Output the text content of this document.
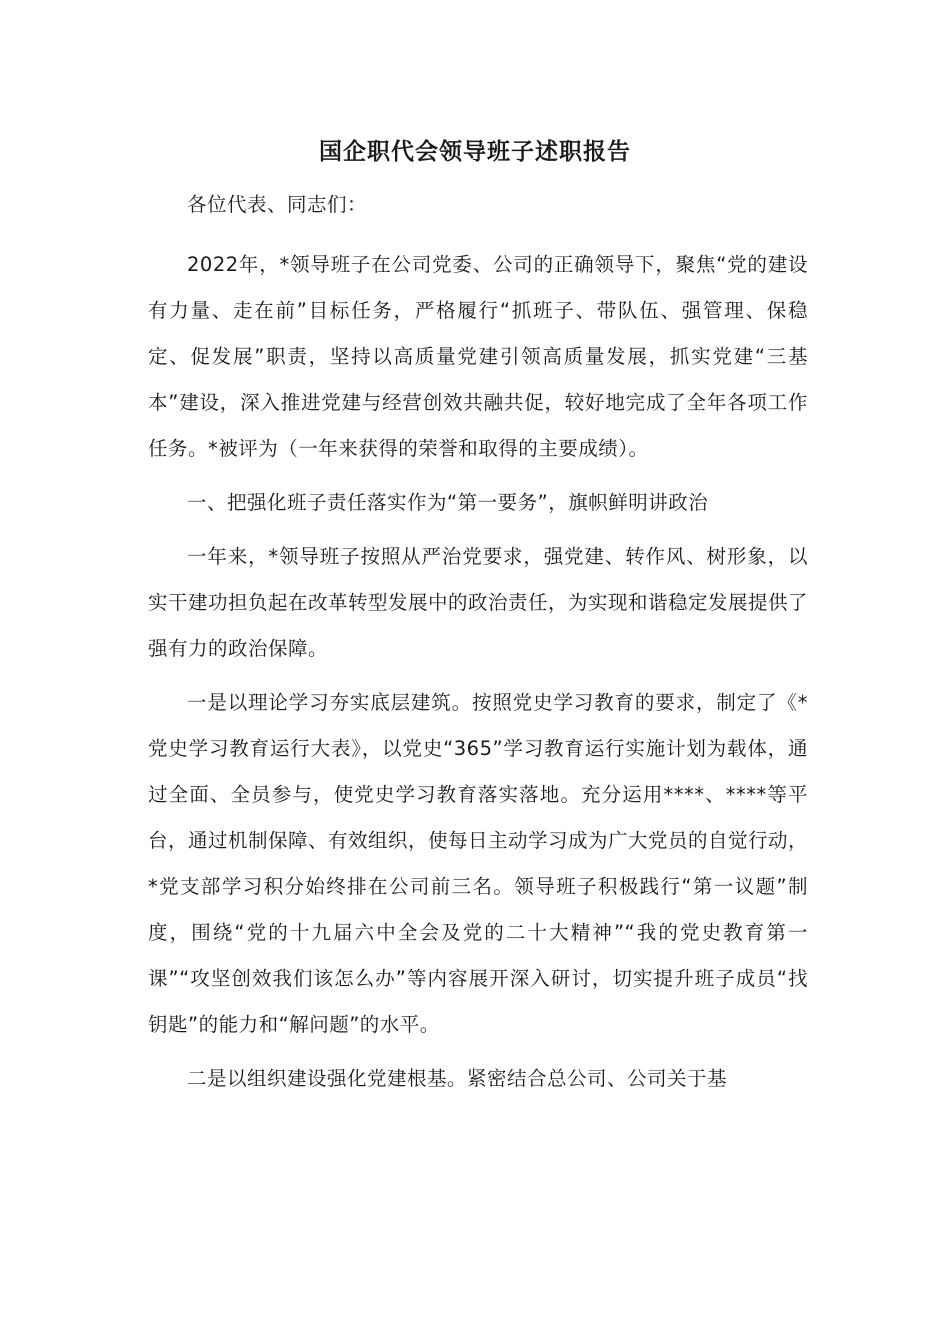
国企职代会领导班子述职报告

各位代表、同志们：

2022年，*领导班子在公司党委、公司的正确领导下，聚焦“党的建设有力量、走在前”目标任务，严格履行“抓班子、带队伍、强管理、保稳定、促发展”职责，坚持以高质量党建引领高质量发展，抓实党建“三基本”建设，深入推进党建与经营创效共融共促，较好地完成了全年各项工作任务。*被评为（一年来获得的荣誉和取得的主要成绩）。

一、把强化班子责任落实作为“第一要务”，旗帜鲜明讲政治

一年来，*领导班子按照从严治党要求，强党建、转作风、树形象，以实干建功担负起在改革转型发展中的政治责任，为实现和谐稳定发展提供了强有力的政治保障。

一是以理论学习夯实底层建筑。按照党史学习教育的要求，制定了《*党史学习教育运行大表》，以党史“365”学习教育运行实施计划为载体，通过全面、全员参与，使党史学习教育落实落地。充分运用****、****等平台，通过机制保障、有效组织，使每日主动学习成为广大党员的自觉行动，*党支部学习积分始终排在公司前三名。领导班子积极践行“第一议题”制度，围绕“党的十九届六中全会及党的二十大精神”“我的党史教育第一课”“攻坚创效我们该怎么办”等内容展开深入研讨，切实提升班子成员“找钥匙”的能力和“解问题”的水平。

二是以组织建设强化党建根基。紧密结合总公司、公司关于基
